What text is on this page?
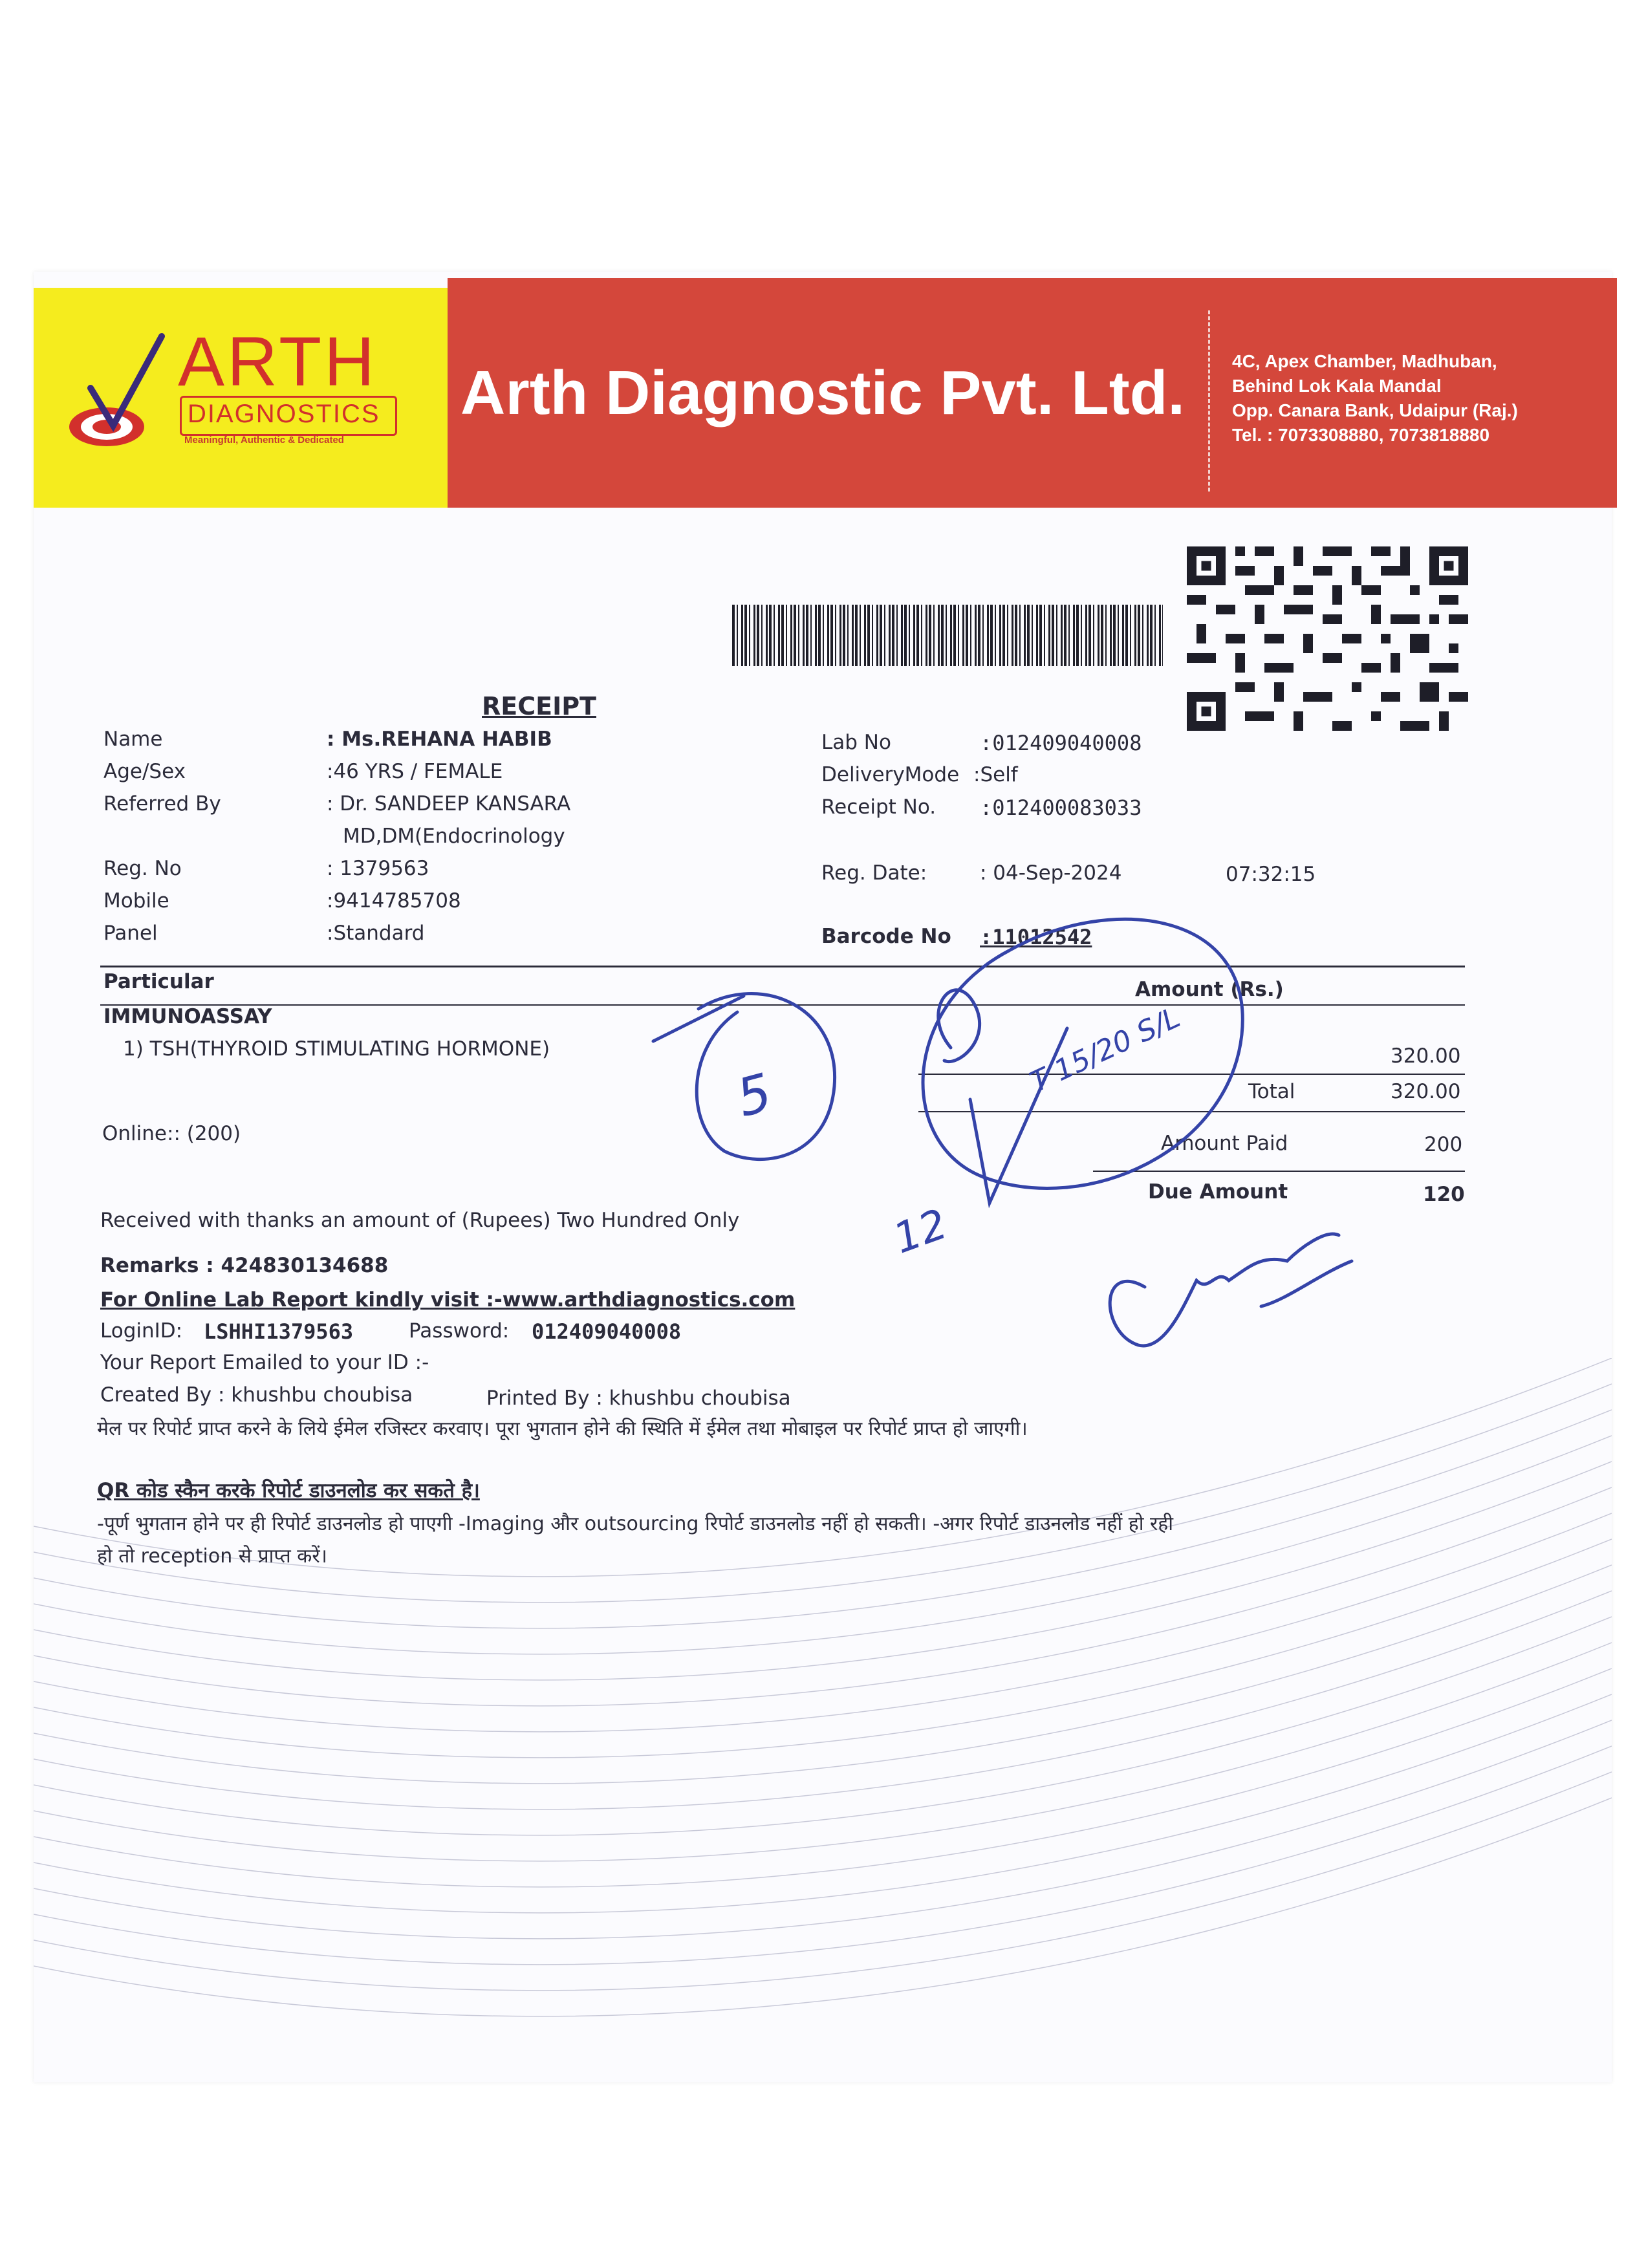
ARTH
DIAGNOSTICS
Meaningful, Authentic & Dedicated
Arth Diagnostic Pvt. Ltd.	4C, Apex Chamber, Madhuban,
Behind Lok Kala Mandal
Opp. Canara Bank, Udaipur (Raj.)
Tel. : 7073308880, 7073818880
RECEIPT
Name	: Ms.REHANA HABIB
Age/Sex	:46 YRS / FEMALE
Referred By	: Dr. SANDEEP KANSARA
MD,DM(Endocrinology
Reg. No	: 1379563
Mobile	:9414785708
Panel	:Standard
Lab No	:012409040008
DeliveryMode :Self
Receipt No. :012400083033
Reg. Date:	: 04-Sep-2024	07:32:15
Barcode No :11012542
Particular	Amount (Rs.)
IMMUNOASSAY
1) TSH(THYROID STIMULATING HORMONE)	320.00
Total	320.00
Online:: (200)	Amount Paid	200
Due Amount	120
Received with thanks an amount of (Rupees) Two Hundred Only
Remarks : 424830134688
For Online Lab Report kindly visit :-www.arthdiagnostics.com
LoginID: LSHHI1379563	Password: 012409040008
Your Report Emailed to your ID :-
Created By : khushbu choubisa	Printed By : khushbu choubisa
मेल पर रिपोर्ट प्राप्त करने के लिये ईमेल रजिस्टर करवाए। पूरा भुगतान होने की स्थिति में ईमेल तथा मोबाइल पर रिपोर्ट प्राप्त हो जाएगी।
QR कोड स्कैन करके रिपोर्ट डाउनलोड कर सकते है।
-पूर्ण भुगतान होने पर ही रिपोर्ट डाउनलोड हो पाएगी -Imaging और outsourcing रिपोर्ट डाउनलोड नहीं हो सकती। -अगर रिपोर्ट डाउनलोड नहीं हो रही
हो तो reception से प्राप्त करें।
5
12
T 15/20 S/L
